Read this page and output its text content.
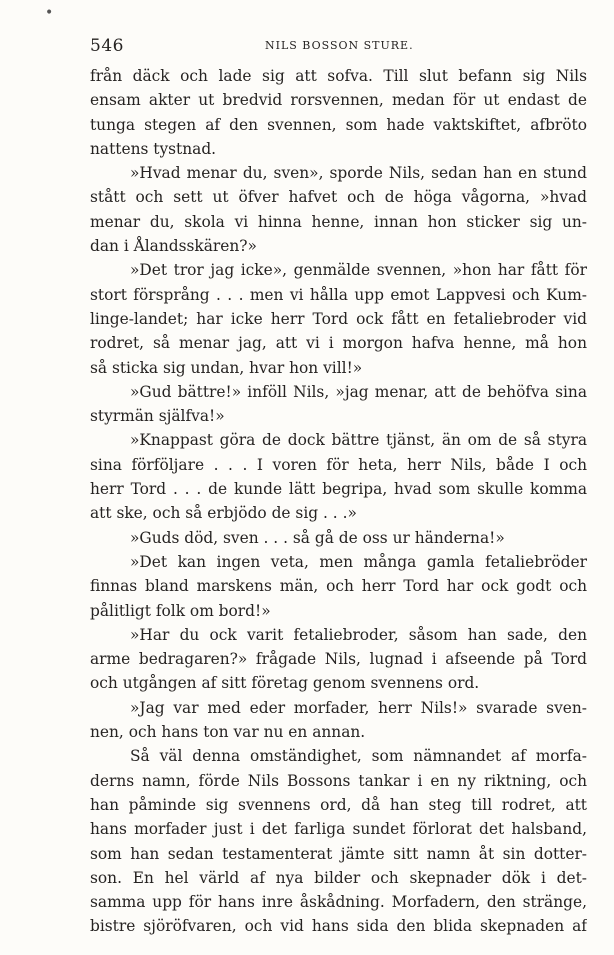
•
546	NILS BOSSON STURE.
från däck och lade sig att sofva. Till slut befann sig Nils
ensam akter ut bredvid rorsvennen, medan för ut endast de
tunga stegen af den svennen, som hade vaktskiftet, afbröto
nattens tystnad.
»Hvad menar du, sven», sporde Nils, sedan han en stund
stått och sett ut öfver hafvet och de höga vågorna, »hvad
menar du, skola vi hinna henne, innan hon sticker sig un-
dan i Ålandsskären?»
»Det tror jag icke», genmälde svennen, »hon har fått för
stort försprång . . . men vi hålla upp emot Lappvesi och Kum-
linge-landet; har icke herr Tord ock fått en fetaliebroder vid
rodret, så menar jag, att vi i morgon hafva henne, må hon
så sticka sig undan, hvar hon vill!»
»Gud bättre!» inföll Nils, »jag menar, att de behöfva sina
styrmän själfva!»
»Knappast göra de dock bättre tjänst, än om de så styra
sina förföljare . . . I voren för heta, herr Nils, både I och
herr Tord . . . de kunde lätt begripa, hvad som skulle komma
att ske, och så erbjödo de sig . . .»
»Guds död, sven . . . så gå de oss ur händerna!»
»Det kan ingen veta, men många gamla fetaliebröder
finnas bland marskens män, och herr Tord har ock godt och
pålitligt folk om bord!»
»Har du ock varit fetaliebroder, såsom han sade, den
arme bedragaren?» frågade Nils, lugnad i afseende på Tord
och utgången af sitt företag genom svennens ord.
»Jag var med eder morfader, herr Nils!» svarade sven-
nen, och hans ton var nu en annan.
Så väl denna omständighet, som nämnandet af morfa-
derns namn, förde Nils Bossons tankar i en ny riktning, och
han påminde sig svennens ord, då han steg till rodret, att
hans morfader just i det farliga sundet förlorat det halsband,
som han sedan testamenterat jämte sitt namn åt sin dotter-
son. En hel värld af nya bilder och skepnader dök i det-
samma upp för hans inre åskådning. Morfadern, den stränge,
bistre sjöröfvaren, och vid hans sida den blida skepnaden af
